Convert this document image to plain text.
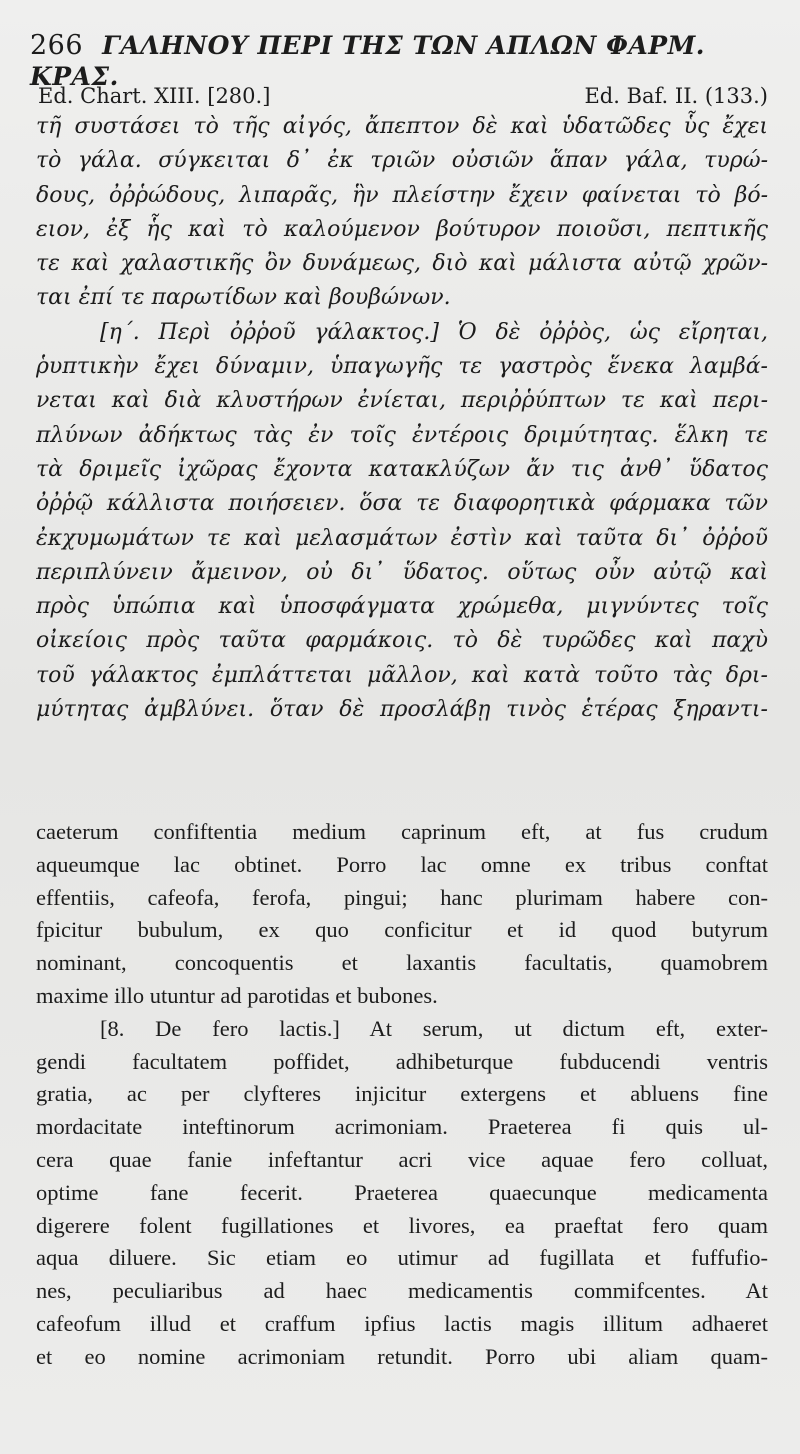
266 ΓΑΛΗΝΟΥ ΠΕΡΙ ΤΗΣ ΤΩΝ ΑΠΛΩΝ ΦΑΡΜ. ΚΡΑΣ.
Ed. Chart. XIII. [280.]	Ed. Baf. II. (133.)
τῆ συστάσει τὸ τῆς αἰγός, ἄπεπτον δὲ καὶ ὑδατῶδες ὗς ἔχει
τὸ γάλα. σύγκειται δ᾽ ἐκ τριῶν οὐσιῶν ἅπαν γάλα, τυρώ-
δους, ὀῤῥώδους, λιπαρᾶς, ἣν πλείστην ἔχειν φαίνεται τὸ βό-
ειον, ἐξ ἧς καὶ τὸ καλούμενον βούτυρον ποιοῦσι, πεπτικῆς
τε καὶ χαλαστικῆς ὂν δυνάμεως, διὸ καὶ μάλιστα αὐτῷ χρῶν-
ται ἐπί τε παρωτίδων καὶ βουβώνων.
[η΄. Περὶ ὀῤῥοῦ γάλακτος.] Ὁ δὲ ὀῤῥὸς, ὡς εἴρηται,
ῥυπτικὴν ἔχει δύναμιν, ὑπαγωγῆς τε γαστρὸς ἕνεκα λαμβά-
νεται καὶ διὰ κλυστήρων ἐνίεται, περιῤῥύπτων τε καὶ περι-
πλύνων ἀδήκτως τὰς ἐν τοῖς ἐντέροις δριμύτητας. ἕλκη τε
τὰ δριμεῖς ἰχῶρας ἔχοντα κατακλύζων ἄν τις ἀνθ᾽ ὕδατος
ὀῤῥῷ κάλλιστα ποιήσειεν. ὅσα τε διαφορητικὰ φάρμακα τῶν
ἐκχυμωμάτων τε καὶ μελασμάτων ἐστὶν καὶ ταῦτα δι᾽ ὀῤῥοῦ
περιπλύνειν ἄμεινον, οὐ δι᾽ ὕδατος. οὕτως οὖν αὐτῷ καὶ
πρὸς ὑπώπια καὶ ὑποσφάγματα χρώμεθα, μιγνύντες τοῖς
οἰκείοις πρὸς ταῦτα φαρμάκοις. τὸ δὲ τυρῶδες καὶ παχὺ
τοῦ γάλακτος ἐμπλάττεται μᾶλλον, καὶ κατὰ τοῦτο τὰς δρι-
μύτητας ἀμβλύνει. ὅταν δὲ προσλάβῃ τινὸς ἑτέρας ξηραντι-
caeterum confiftentia medium caprinum eft, at fus crudum
aqueumque lac obtinet. Porro lac omne ex tribus conftat
effentiis, cafeofa, ferofa, pingui; hanc plurimam habere con-
fpicitur bubulum, ex quo conficitur et id quod butyrum
nominant, concoquentis et laxantis facultatis, quamobrem
maxime illo utuntur ad parotidas et bubones.
[8. De fero lactis.] At serum, ut dictum eft, exter-
gendi facultatem poffidet, adhibeturque fubducendi ventris
gratia, ac per clyfteres injicitur extergens et abluens fine
mordacitate inteftinorum acrimoniam. Praeterea fi quis ul-
cera quae fanie infeftantur acri vice aquae fero colluat,
optime fane fecerit. Praeterea quaecunque medicamenta
digerere folent fugillationes et livores, ea praeftat fero quam
aqua diluere. Sic etiam eo utimur ad fugillata et fuffufio-
nes, peculiaribus ad haec medicamentis commifcentes. At
cafeofum illud et craffum ipfius lactis magis illitum adhaeret
et eo nomine acrimoniam retundit. Porro ubi aliam quam-
